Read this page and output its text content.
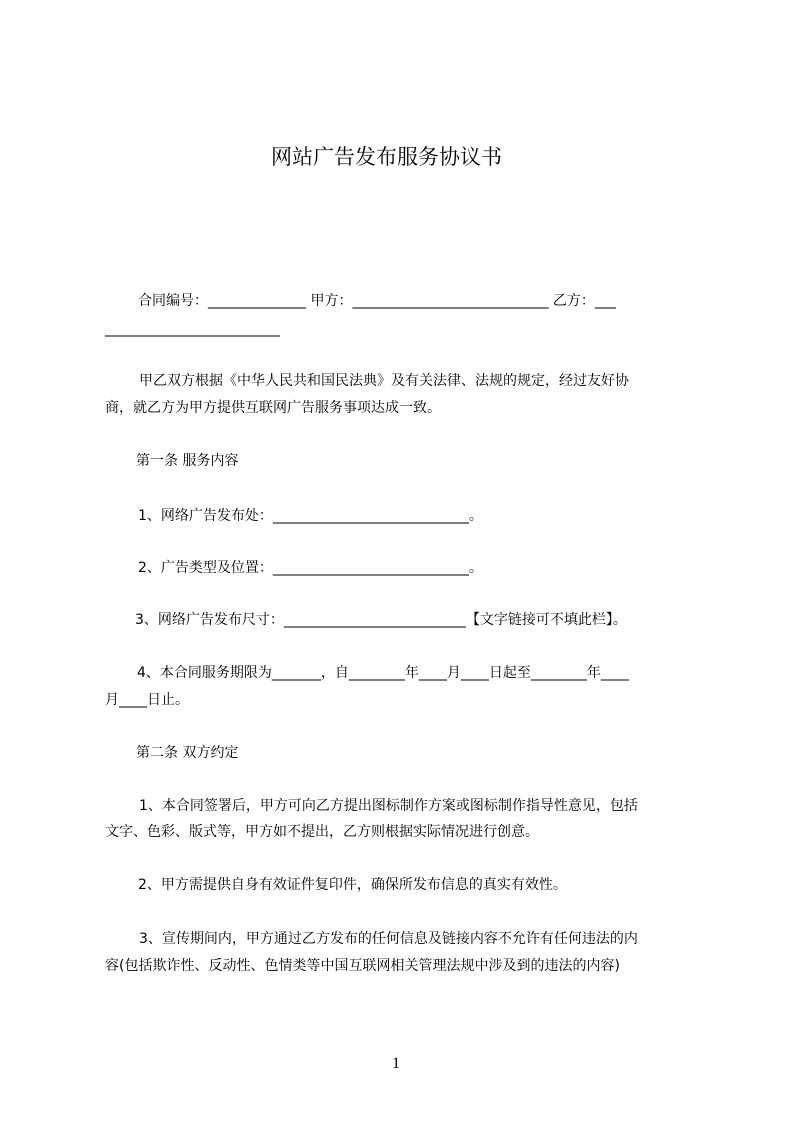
网站广告发布服务协议书
合同编号：______________ 甲方：____________________________ 乙方：___
_________________________
甲乙双方根据《中华人民共和国民法典》及有关法律、法规的规定，经过友好协
商，就乙方为甲方提供互联网广告服务事项达成一致。
第一条 服务内容
1、网络广告发布处：____________________________。
2、广告类型及位置：____________________________。
3、网络广告发布尺寸：__________________________【文字链接可不填此栏】。
4、本合同服务期限为_______，自________年____月____日起至________年____
月____日止。
第二条 双方约定
1、本合同签署后，甲方可向乙方提出图标制作方案或图标制作指导性意见，包括
文字、色彩、版式等，甲方如不提出，乙方则根据实际情况进行创意。
2、甲方需提供自身有效证件复印件，确保所发布信息的真实有效性。
3、宣传期间内，甲方通过乙方发布的任何信息及链接内容不允许有任何违法的内
容(包括欺诈性、反动性、色情类等中国互联网相关管理法规中涉及到的违法的内容)
1
